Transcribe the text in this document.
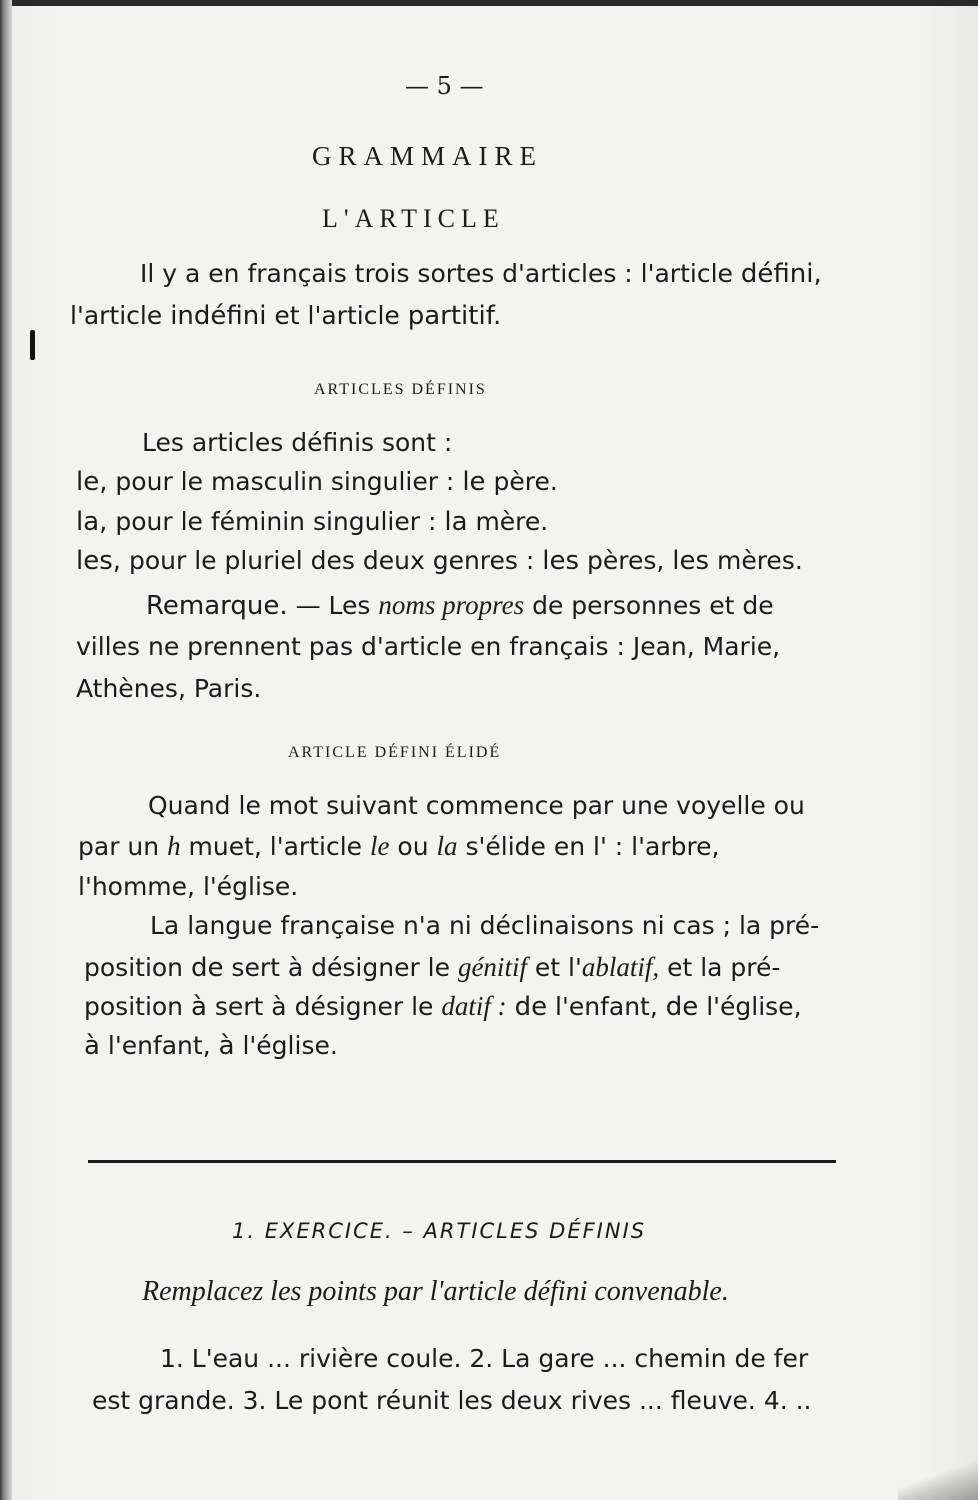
— 5 —
GRAMMAIRE
L'ARTICLE
Il y a en français trois sortes d'articles : l'article défini,
l'article indéfini et l'article partitif.
ARTICLES DÉFINIS
Les articles définis sont :
le, pour le masculin singulier : le père.
la, pour le féminin singulier : la mère.
les, pour le pluriel des deux genres : les pères, les mères.
Remarque. — Les noms propres de personnes et de
villes ne prennent pas d'article en français : Jean, Marie,
Athènes, Paris.
ARTICLE DÉFINI ÉLIDÉ
Quand le mot suivant commence par une voyelle ou
par un h muet, l'article le ou la s'élide en l' : l'arbre,
l'homme, l'église.
La langue française n'a ni déclinaisons ni cas ; la pré-
position de sert à désigner le génitif et l'ablatif, et la pré-
position à sert à désigner le datif : de l'enfant, de l'église,
à l'enfant, à l'église.
1. EXERCICE. – ARTICLES DÉFINIS
Remplacez les points par l'article défini convenable.
1. L'eau ... rivière coule. 2. La gare ... chemin de fer
est grande. 3. Le pont réunit les deux rives ... fleuve. 4. ..
